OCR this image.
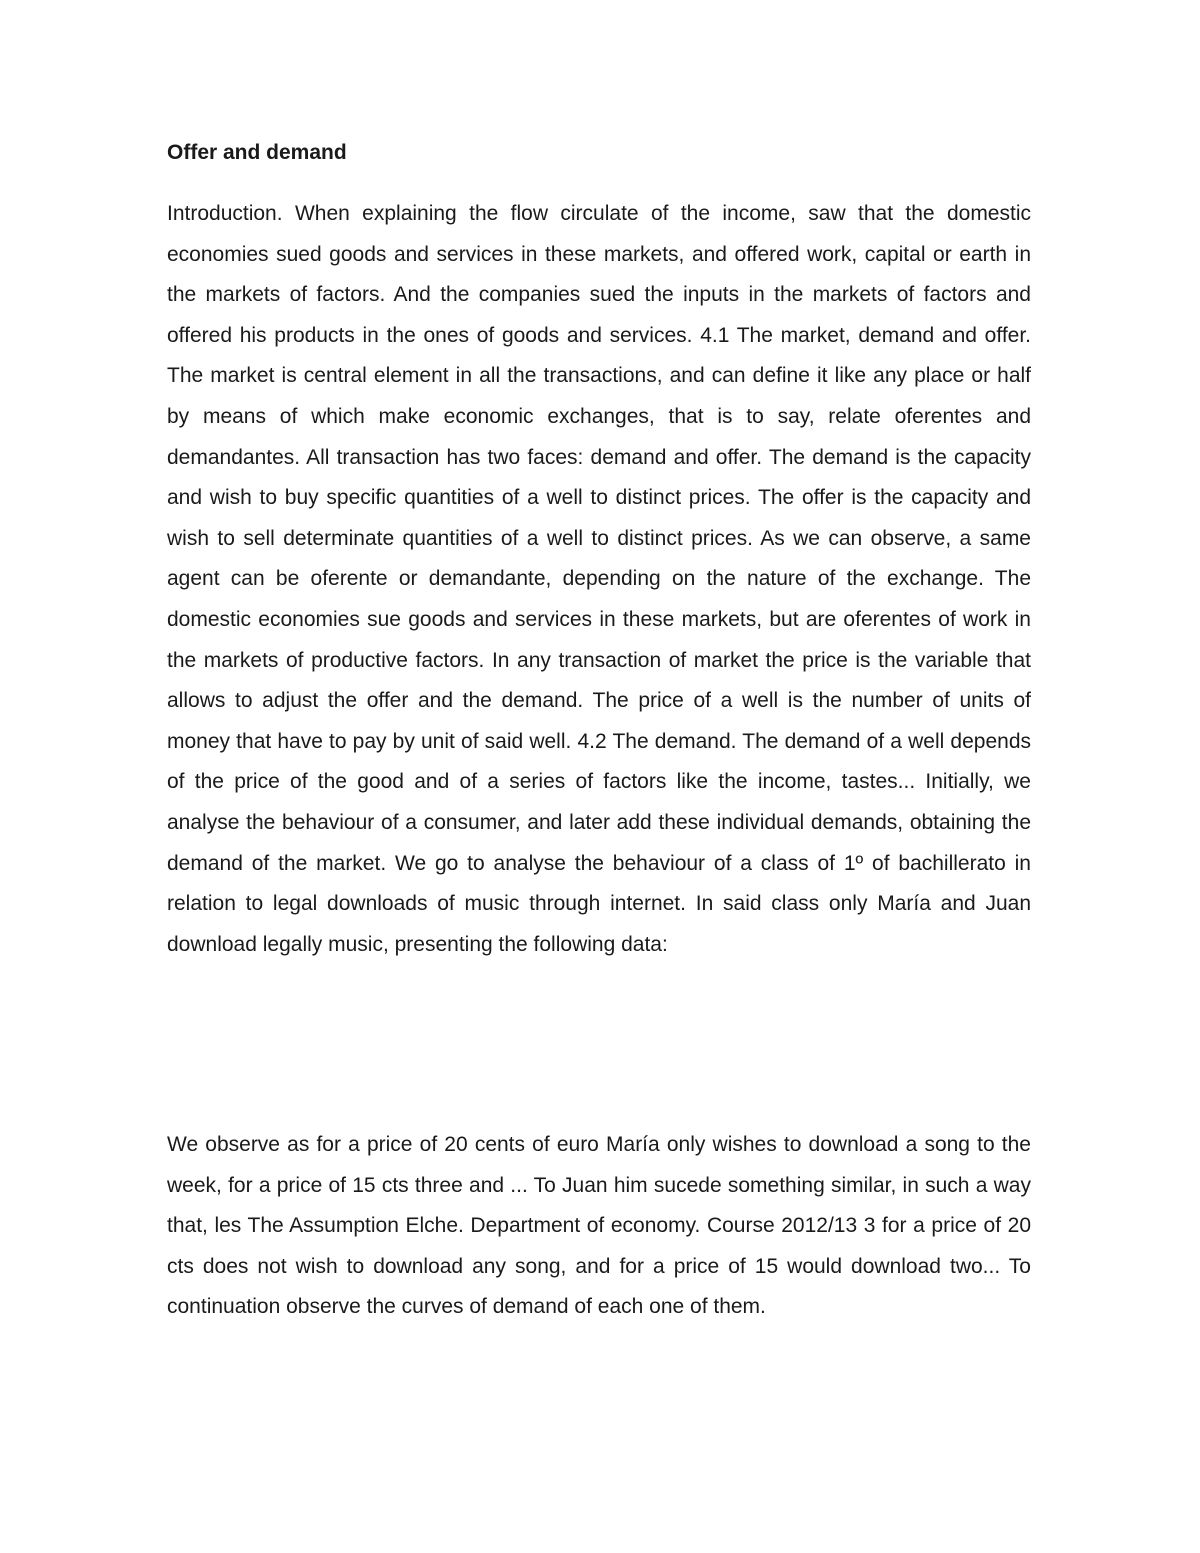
Offer and demand

Introduction. When explaining the flow circulate of the income, saw that the domestic economies sued goods and services in these markets, and offered work, capital or earth in the markets of factors. And the companies sued the inputs in the markets of factors and offered his products in the ones of goods and services. 4.1 The market, demand and offer. The market is central element in all the transactions, and can define it like any place or half by means of which make economic exchanges, that is to say, relate oferentes and demandantes. All transaction has two faces: demand and offer. The demand is the capacity and wish to buy specific quantities of a well to distinct prices. The offer is the capacity and wish to sell determinate quantities of a well to distinct prices. As we can observe, a same agent can be oferente or demandante, depending on the nature of the exchange. The domestic economies sue goods and services in these markets, but are oferentes of work in the markets of productive factors. In any transaction of market the price is the variable that allows to adjust the offer and the demand. The price of a well is the number of units of money that have to pay by unit of said well. 4.2 The demand. The demand of a well depends of the price of the good and of a series of factors like the income, tastes... Initially, we analyse the behaviour of a consumer, and later add these individual demands, obtaining the demand of the market. We go to analyse the behaviour of a class of 1º of bachillerato in relation to legal downloads of music through internet. In said class only María and Juan download legally music, presenting the following data:

We observe as for a price of 20 cents of euro María only wishes to download a song to the week, for a price of 15 cts three and ... To Juan him sucede something similar, in such a way that, les The Assumption Elche. Department of economy. Course 2012/13 3 for a price of 20 cts does not wish to download any song, and for a price of 15 would download two... To continuation observe the curves of demand of each one of them.
